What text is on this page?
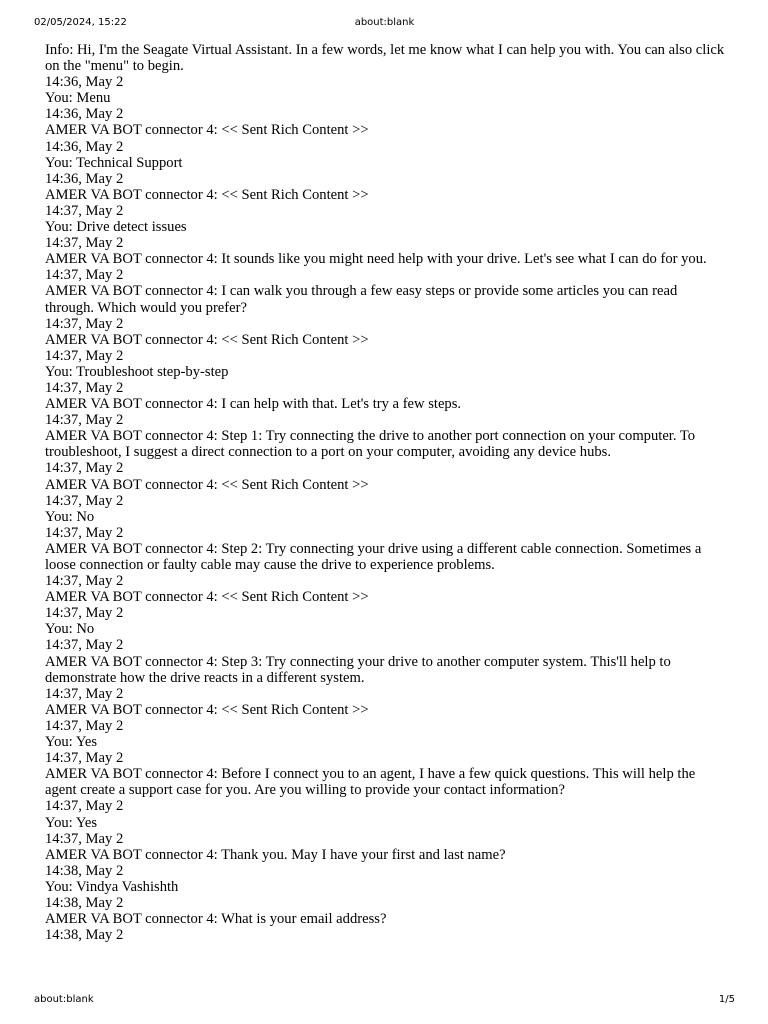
02/05/2024, 15:22	about:blank

Info: Hi, I'm the Seagate Virtual Assistant. In a few words, let me know what I can help you with. You can also click on the "menu" to begin.

14:36, May 2

You: Menu

14:36, May 2

AMER VA BOT connector 4: << Sent Rich Content >>

14:36, May 2

You: Technical Support

14:36, May 2

AMER VA BOT connector 4: << Sent Rich Content >>

14:37, May 2

You: Drive detect issues

14:37, May 2

AMER VA BOT connector 4: It sounds like you might need help with your drive. Let's see what I can do for you.

14:37, May 2

AMER VA BOT connector 4: I can walk you through a few easy steps or provide some articles you can read through. Which would you prefer?

14:37, May 2

AMER VA BOT connector 4: << Sent Rich Content >>

14:37, May 2

You: Troubleshoot step-by-step

14:37, May 2

AMER VA BOT connector 4: I can help with that. Let's try a few steps.

14:37, May 2

AMER VA BOT connector 4: Step 1: Try connecting the drive to another port connection on your computer. To troubleshoot, I suggest a direct connection to a port on your computer, avoiding any device hubs.

14:37, May 2

AMER VA BOT connector 4: << Sent Rich Content >>

14:37, May 2

You: No

14:37, May 2

AMER VA BOT connector 4: Step 2: Try connecting your drive using a different cable connection. Sometimes a loose connection or faulty cable may cause the drive to experience problems.

14:37, May 2

AMER VA BOT connector 4: << Sent Rich Content >>

14:37, May 2

You: No

14:37, May 2

AMER VA BOT connector 4: Step 3: Try connecting your drive to another computer system. This'll help to demonstrate how the drive reacts in a different system.

14:37, May 2

AMER VA BOT connector 4: << Sent Rich Content >>

14:37, May 2

You: Yes

14:37, May 2

AMER VA BOT connector 4: Before I connect you to an agent, I have a few quick questions. This will help the agent create a support case for you. Are you willing to provide your contact information?

14:37, May 2

You: Yes

14:37, May 2

AMER VA BOT connector 4: Thank you. May I have your first and last name?

14:38, May 2

You: Vindya Vashishth

14:38, May 2

AMER VA BOT connector 4: What is your email address?

14:38, May 2

about:blank	1/5
